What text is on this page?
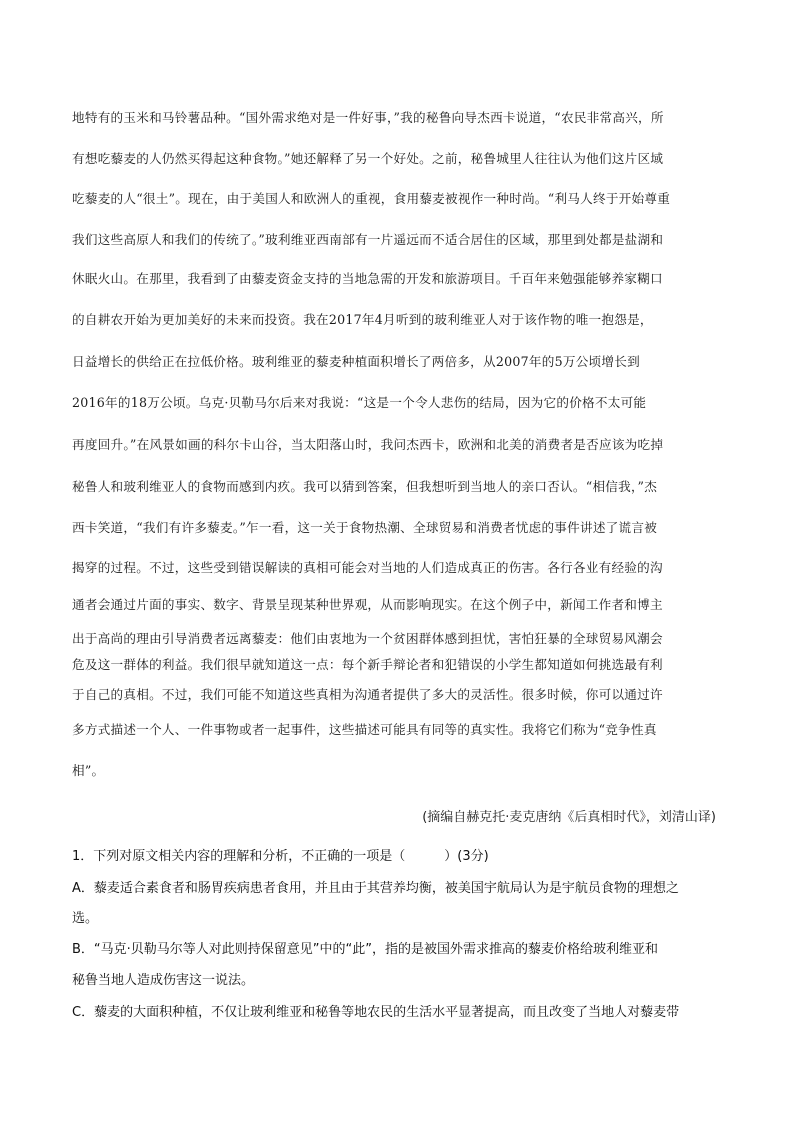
地特有的玉米和马铃薯品种。“国外需求绝对是一件好事，”我的秘鲁向导杰西卡说道，“农民非常高兴，所
有想吃藜麦的人仍然买得起这种食物。”她还解释了另一个好处。之前，秘鲁城里人往往认为他们这片区域
吃藜麦的人“很土”。现在，由于美国人和欧洲人的重视，食用藜麦被视作一种时尚。“利马人终于开始尊重
我们这些高原人和我们的传统了。”玻利维亚西南部有一片遥远而不适合居住的区域，那里到处都是盐湖和
休眠火山。在那里，我看到了由藜麦资金支持的当地急需的开发和旅游项目。千百年来勉强能够养家糊口
的自耕农开始为更加美好的未来而投资。我在2017年4月听到的玻利维亚人对于该作物的唯一抱怨是，
日益增长的供给正在拉低价格。玻利维亚的藜麦种植面积增长了两倍多，从2007年的5万公顷增长到
2016年的18万公顷。乌克·贝勒马尔后来对我说：“这是一个令人悲伤的结局，因为它的价格不太可能
再度回升。”在风景如画的科尔卡山谷，当太阳落山时，我问杰西卡，欧洲和北美的消费者是否应该为吃掉
秘鲁人和玻利维亚人的食物而感到内疚。我可以猜到答案，但我想听到当地人的亲口否认。“相信我，”杰
西卡笑道，“我们有许多藜麦。”乍一看，这一关于食物热潮、全球贸易和消费者忧虑的事件讲述了谎言被
揭穿的过程。不过，这些受到错误解读的真相可能会对当地的人们造成真正的伤害。各行各业有经验的沟
通者会通过片面的事实、数字、背景呈现某种世界观，从而影响现实。在这个例子中，新闻工作者和博主
出于高尚的理由引导消费者远离藜麦：他们由衷地为一个贫困群体感到担忧，害怕狂暴的全球贸易风潮会
危及这一群体的利益。我们很早就知道这一点：每个新手辩论者和犯错误的小学生都知道如何挑选最有利
于自己的真相。不过，我们可能不知道这些真相为沟通者提供了多大的灵活性。很多时候，你可以通过许
多方式描述一个人、一件事物或者一起事件，这些描述可能具有同等的真实性。我将它们称为“竞争性真
相”。
(摘编自赫克托·麦克唐纳《后真相时代》，刘清山译)
1．下列对原文相关内容的理解和分析，不正确的一项是（　　　）(3分)
A．藜麦适合素食者和肠胃疾病患者食用，并且由于其营养均衡，被美国宇航局认为是宇航员食物的理想之
选。
B．“马克·贝勒马尔等人对此则持保留意见”中的“此”，指的是被国外需求推高的藜麦价格给玻利维亚和
秘鲁当地人造成伤害这一说法。
C．藜麦的大面积种植，不仅让玻利维亚和秘鲁等地农民的生活水平显著提高，而且改变了当地人对藜麦带
